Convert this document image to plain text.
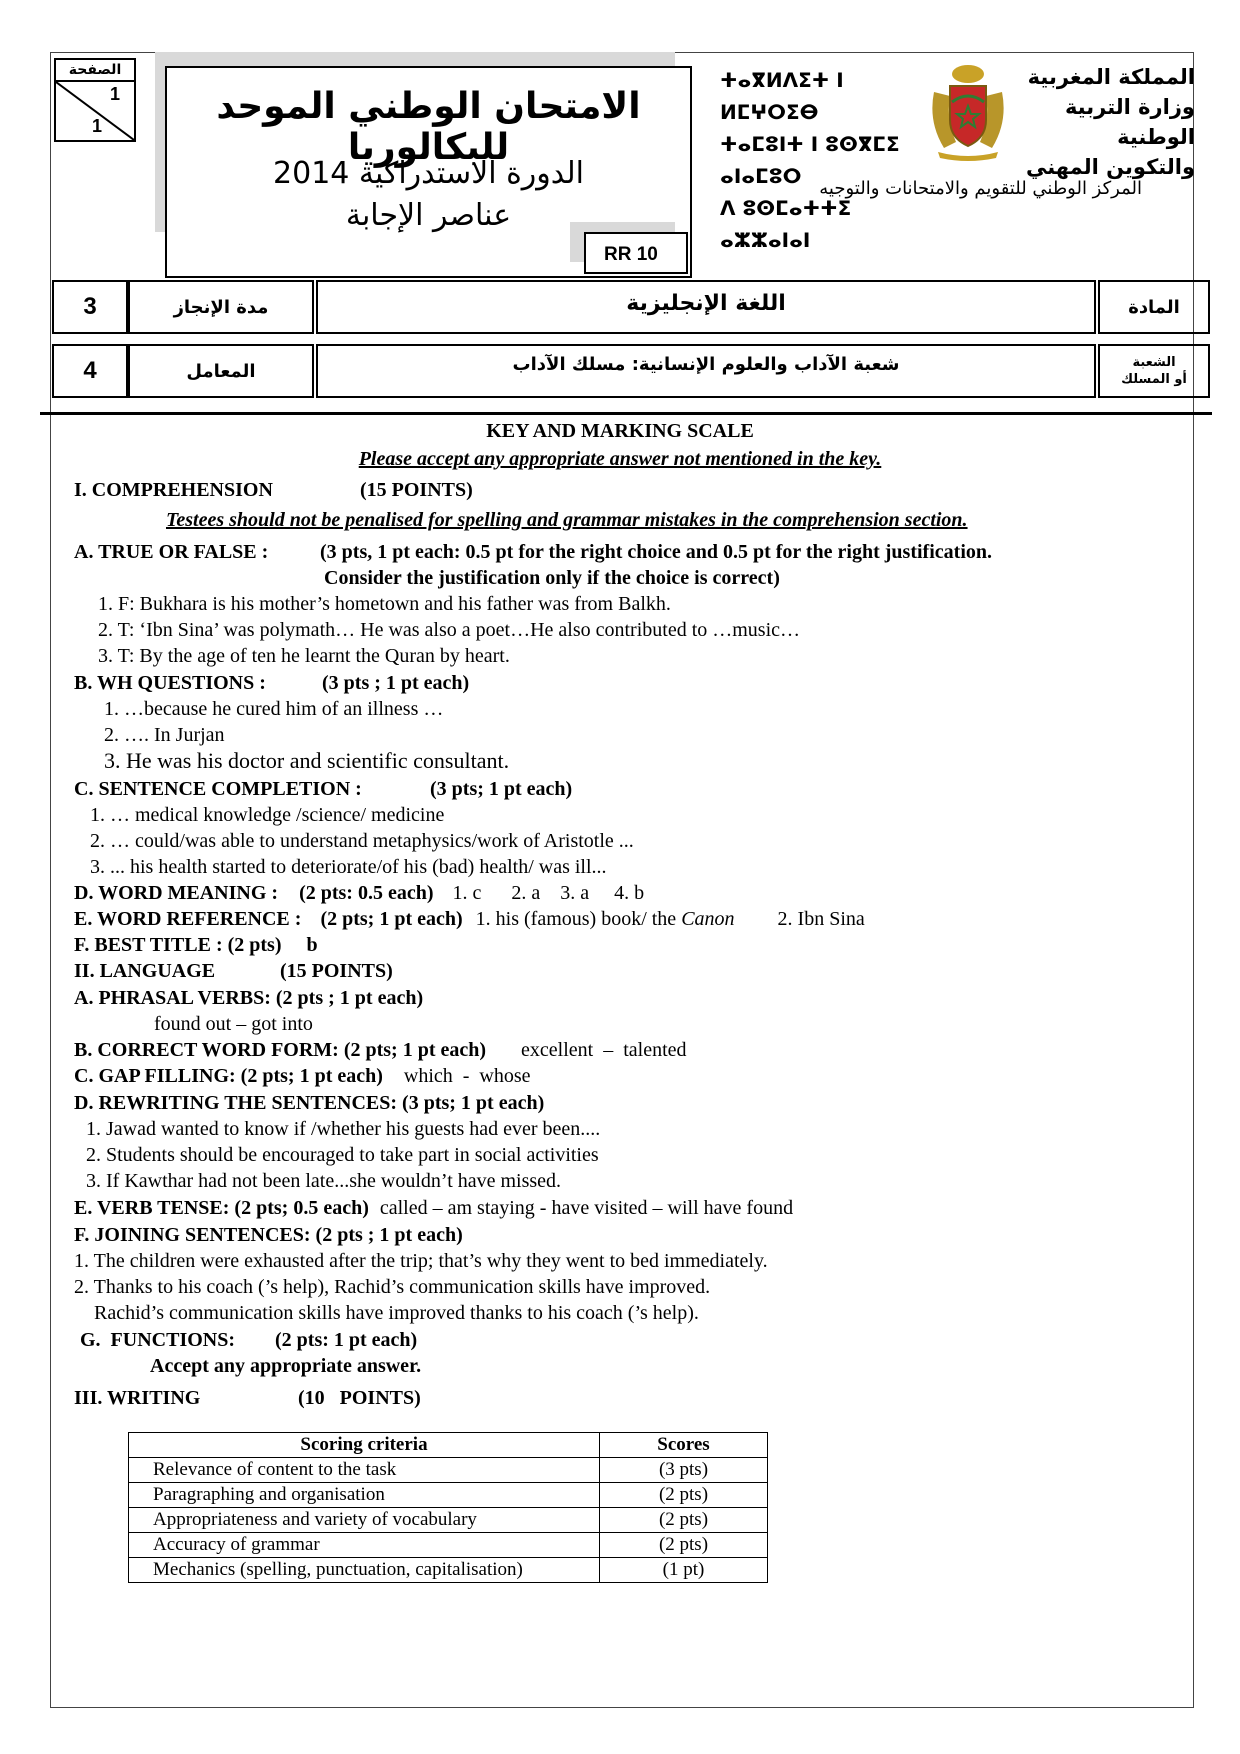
الصفحة
1
1	الامتحان الوطني الموحد للبكالوريا
الدورة الاستدراكية 2014
عناصر الإجابة
RR 10
ⵜⴰⴳⵍⴷⵉⵜ ⵏ ⵍⵎⵖⵔⵉⴱ
ⵜⴰⵎⵓⵏⵜ ⵏ ⵓⵙⴳⵎⵉ ⴰⵏⴰⵎⵓⵔ
ⴷ ⵓⵙⵎⴰⵜⵜⵉ ⴰⵣⵣⴰⵏⴰⵏ
المملكة المغربية
وزارة التربية الوطنية
والتكوين المهني
المركز الوطني للتقويم والامتحانات والتوجيه
3	مدة الإنجاز	اللغة الإنجليزية	المادة
4	المعامل	شعبة الآداب والعلوم الإنسانية: مسلك الآداب	الشعبة
أو المسلك
KEY AND MARKING SCALE
Please accept any appropriate answer not mentioned in the key.
I. COMPREHENSION	(15 POINTS)
Testees should not be penalised for spelling and grammar mistakes in the comprehension section.
A. TRUE OR FALSE :	(3 pts, 1 pt each: 0.5 pt for the right choice and 0.5 pt for the right justification.
Consider the justification only if the choice is correct)
1. F: Bukhara is his mother’s hometown and his father was from Balkh.
2. T: ‘Ibn Sina’ was polymath… He was also a poet…He also contributed to …music…
3. T: By the age of ten he learnt the Quran by heart.
B. WH QUESTIONS :	(3 pts ; 1 pt each)
1. …because he cured him of an illness …
2. …. In Jurjan
3. He was his doctor and scientific consultant.
C. SENTENCE COMPLETION :	(3 pts; 1 pt each)
1. … medical knowledge /science/ medicine
2. … could/was able to understand metaphysics/work of Aristotle ...
3. ... his health started to deteriorate/of his (bad) health/ was ill...
D. WORD MEANING : (2 pts: 0.5 each) 1. c      2. a    3. a     4. b
E. WORD REFERENCE : (2 pts; 1 pt each) 1. his (famous) book/ the Canon 2. Ibn Sina
F. BEST TITLE : (2 pts) b
II. LANGUAGE	(15 POINTS)
A. PHRASAL VERBS: (2 pts ; 1 pt each)
found out – got into
B. CORRECT WORD FORM: (2 pts; 1 pt each) excellent  –  talented
C. GAP FILLING: (2 pts; 1 pt each) which  -  whose
D. REWRITING THE SENTENCES: (3 pts; 1 pt each)
1. Jawad wanted to know if /whether his guests had ever been....
2. Students should be encouraged to take part in social activities
3. If Kawthar had not been late...she wouldn’t have missed.
E. VERB TENSE: (2 pts; 0.5 each) called – am staying - have visited – will have found
F. JOINING SENTENCES: (2 pts ; 1 pt each)
1. The children were exhausted after the trip; that’s why they went to bed immediately.
2. Thanks to his coach (’s help), Rachid’s communication skills have improved.
Rachid’s communication skills have improved thanks to his coach (’s help).
G.  FUNCTIONS:        (2 pts: 1 pt each)
Accept any appropriate answer.
III. WRITING	(10   POINTS)
Scoring criteria	Scores
Relevance of content to the task	(3 pts)
Paragraphing and organisation	(2 pts)
Appropriateness and variety of vocabulary	(2 pts)
Accuracy of grammar	(2 pts)
Mechanics (spelling, punctuation, capitalisation)	(1 pt)
